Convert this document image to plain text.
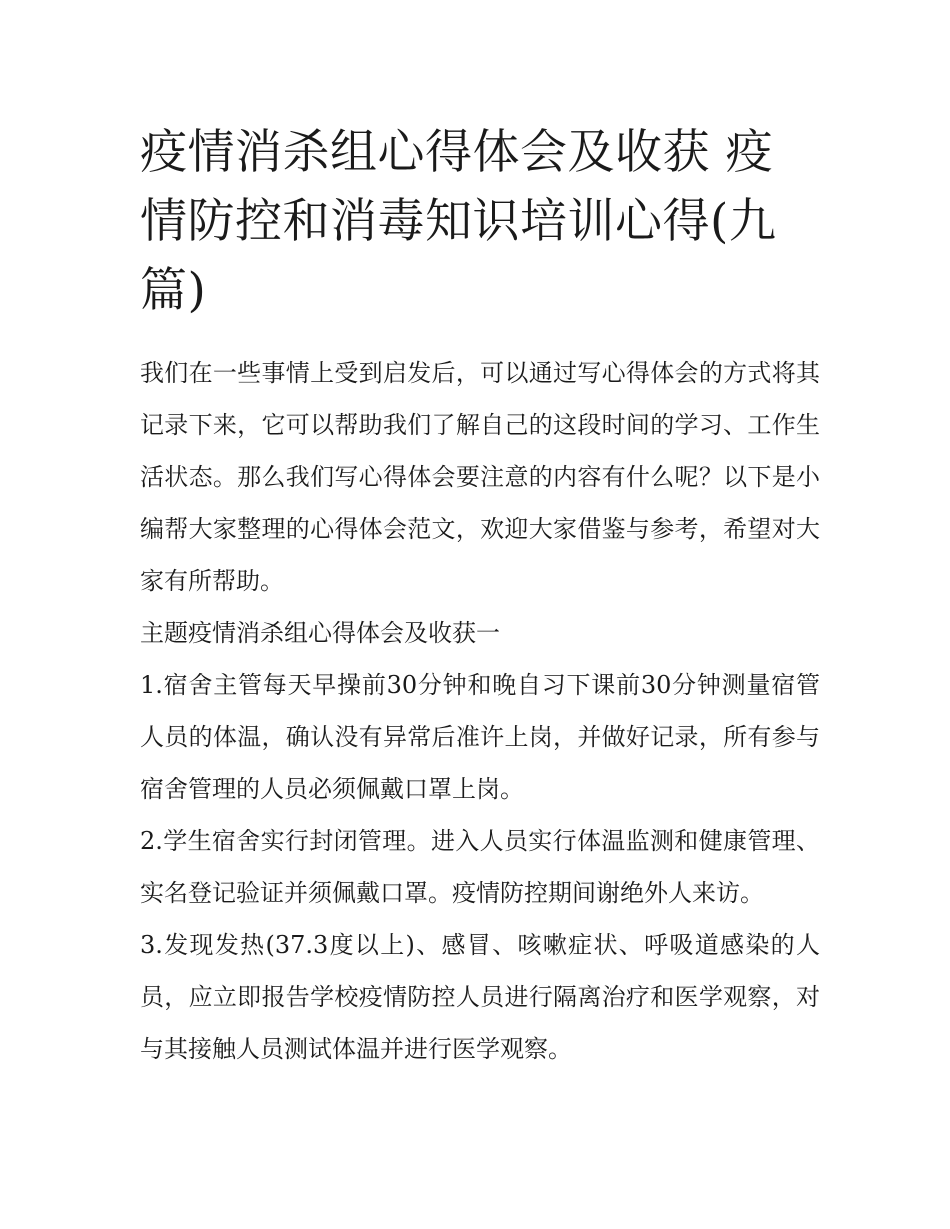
疫情消杀组心得体会及收获 疫情防控和消毒知识培训心得(九篇)

我们在一些事情上受到启发后，可以通过写心得体会的方式将其记录下来，它可以帮助我们了解自己的这段时间的学习、工作生活状态。那么我们写心得体会要注意的内容有什么呢？以下是小编帮大家整理的心得体会范文，欢迎大家借鉴与参考，希望对大家有所帮助。

主题疫情消杀组心得体会及收获一

1.宿舍主管每天早操前30分钟和晚自习下课前30分钟测量宿管人员的体温，确认没有异常后准许上岗，并做好记录，所有参与宿舍管理的人员必须佩戴口罩上岗。

2.学生宿舍实行封闭管理。进入人员实行体温监测和健康管理、实名登记验证并须佩戴口罩。疫情防控期间谢绝外人来访。

3.发现发热(37.3度以上)、感冒、咳嗽症状、呼吸道感染的人员，应立即报告学校疫情防控人员进行隔离治疗和医学观察，对与其接触人员测试体温并进行医学观察。
